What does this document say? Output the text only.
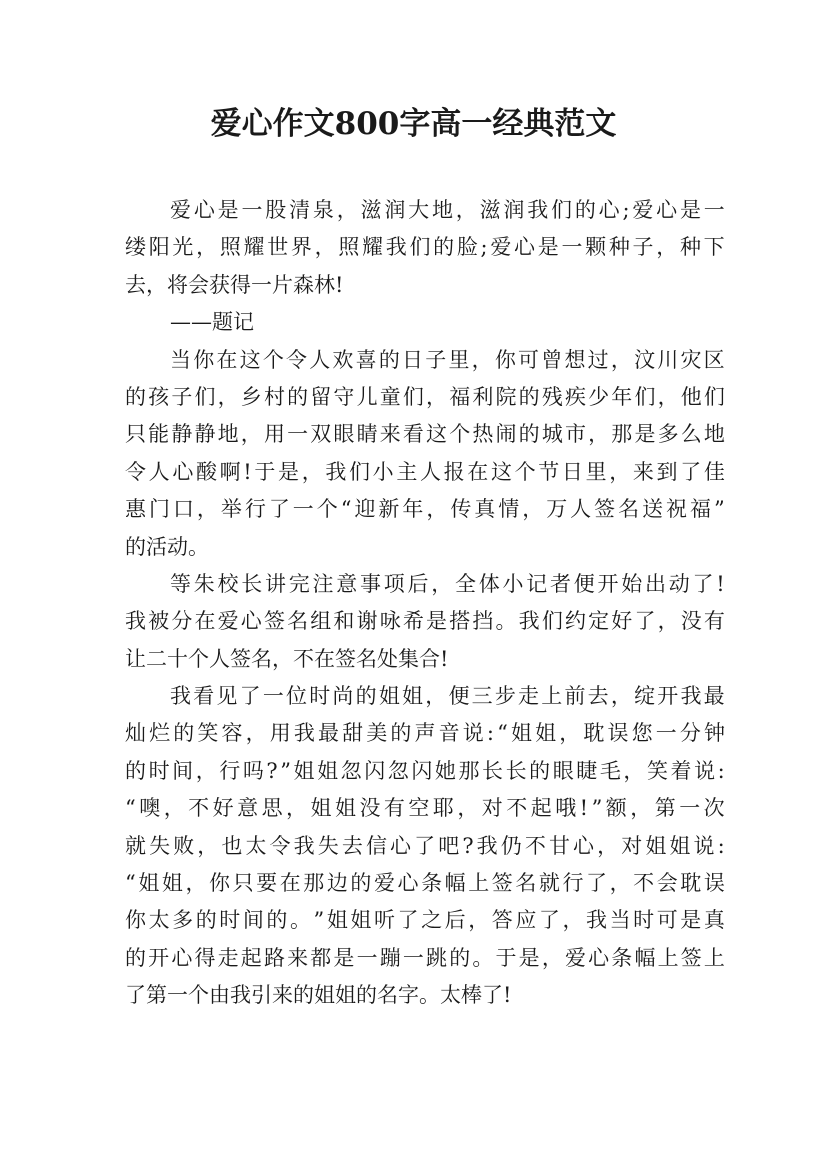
爱心作文800字高一经典范文
爱 心 是 一 股 清 泉 ， 滋 润 大 地 ， 滋 润 我 们 的 心 ; 爱 心 是 一
缕 阳 光 ， 照 耀 世 界 ， 照 耀 我 们 的 脸 ; 爱 心 是 一 颗 种 子 ， 种 下
去，将会获得一片森林!
——题记
当 你 在 这 个 令 人 欢 喜 的 日 子 里 ， 你 可 曾 想 过 ， 汶 川 灾 区
的 孩 子 们 ， 乡 村 的 留 守 儿 童 们 ， 福 利 院 的 残 疾 少 年 们 ， 他 们
只 能 静 静 地 ， 用 一 双 眼 睛 来 看 这 个 热 闹 的 城 市 ， 那 是 多 么 地
令 人 心 酸 啊 ! 于 是 ， 我 们 小 主 人 报 在 这 个 节 日 里 ， 来 到 了 佳
惠 门 口 ， 举 行 了 一 个 “ 迎 新 年 ， 传 真 情 ， 万 人 签 名 送 祝 福 ”
的活动。
等 朱 校 长 讲 完 注 意 事 项 后 ， 全 体 小 记 者 便 开 始 出 动 了 !
我 被 分 在 爱 心 签 名 组 和 谢 咏 希 是 搭 挡 。 我 们 约 定 好 了 ， 没 有
让二十个人签名，不在签名处集合!
我 看 见 了 一 位 时 尚 的 姐 姐 ， 便 三 步 走 上 前 去 ， 绽 开 我 最
灿 烂 的 笑 容 ， 用 我 最 甜 美 的 声 音 说 : “ 姐 姐 ， 耽 误 您 一 分 钟
的 时 间 ， 行 吗 ? ” 姐 姐 忽 闪 忽 闪 她 那 长 长 的 眼 睫 毛 ， 笑 着 说 :
“ 噢 ， 不 好 意 思 ， 姐 姐 没 有 空 耶 ， 对 不 起 哦 ! ” 额 ， 第 一 次
就 失 败 ， 也 太 令 我 失 去 信 心 了 吧 ? 我 仍 不 甘 心 ， 对 姐 姐 说 :
“ 姐 姐 ， 你 只 要 在 那 边 的 爱 心 条 幅 上 签 名 就 行 了 ， 不 会 耽 误
你 太 多 的 时 间 的 。 ” 姐 姐 听 了 之 后 ， 答 应 了 ， 我 当 时 可 是 真
的 开 心 得 走 起 路 来 都 是 一 蹦 一 跳 的 。 于 是 ， 爱 心 条 幅 上 签 上
了第一个由我引来的姐姐的名字。太棒了!
